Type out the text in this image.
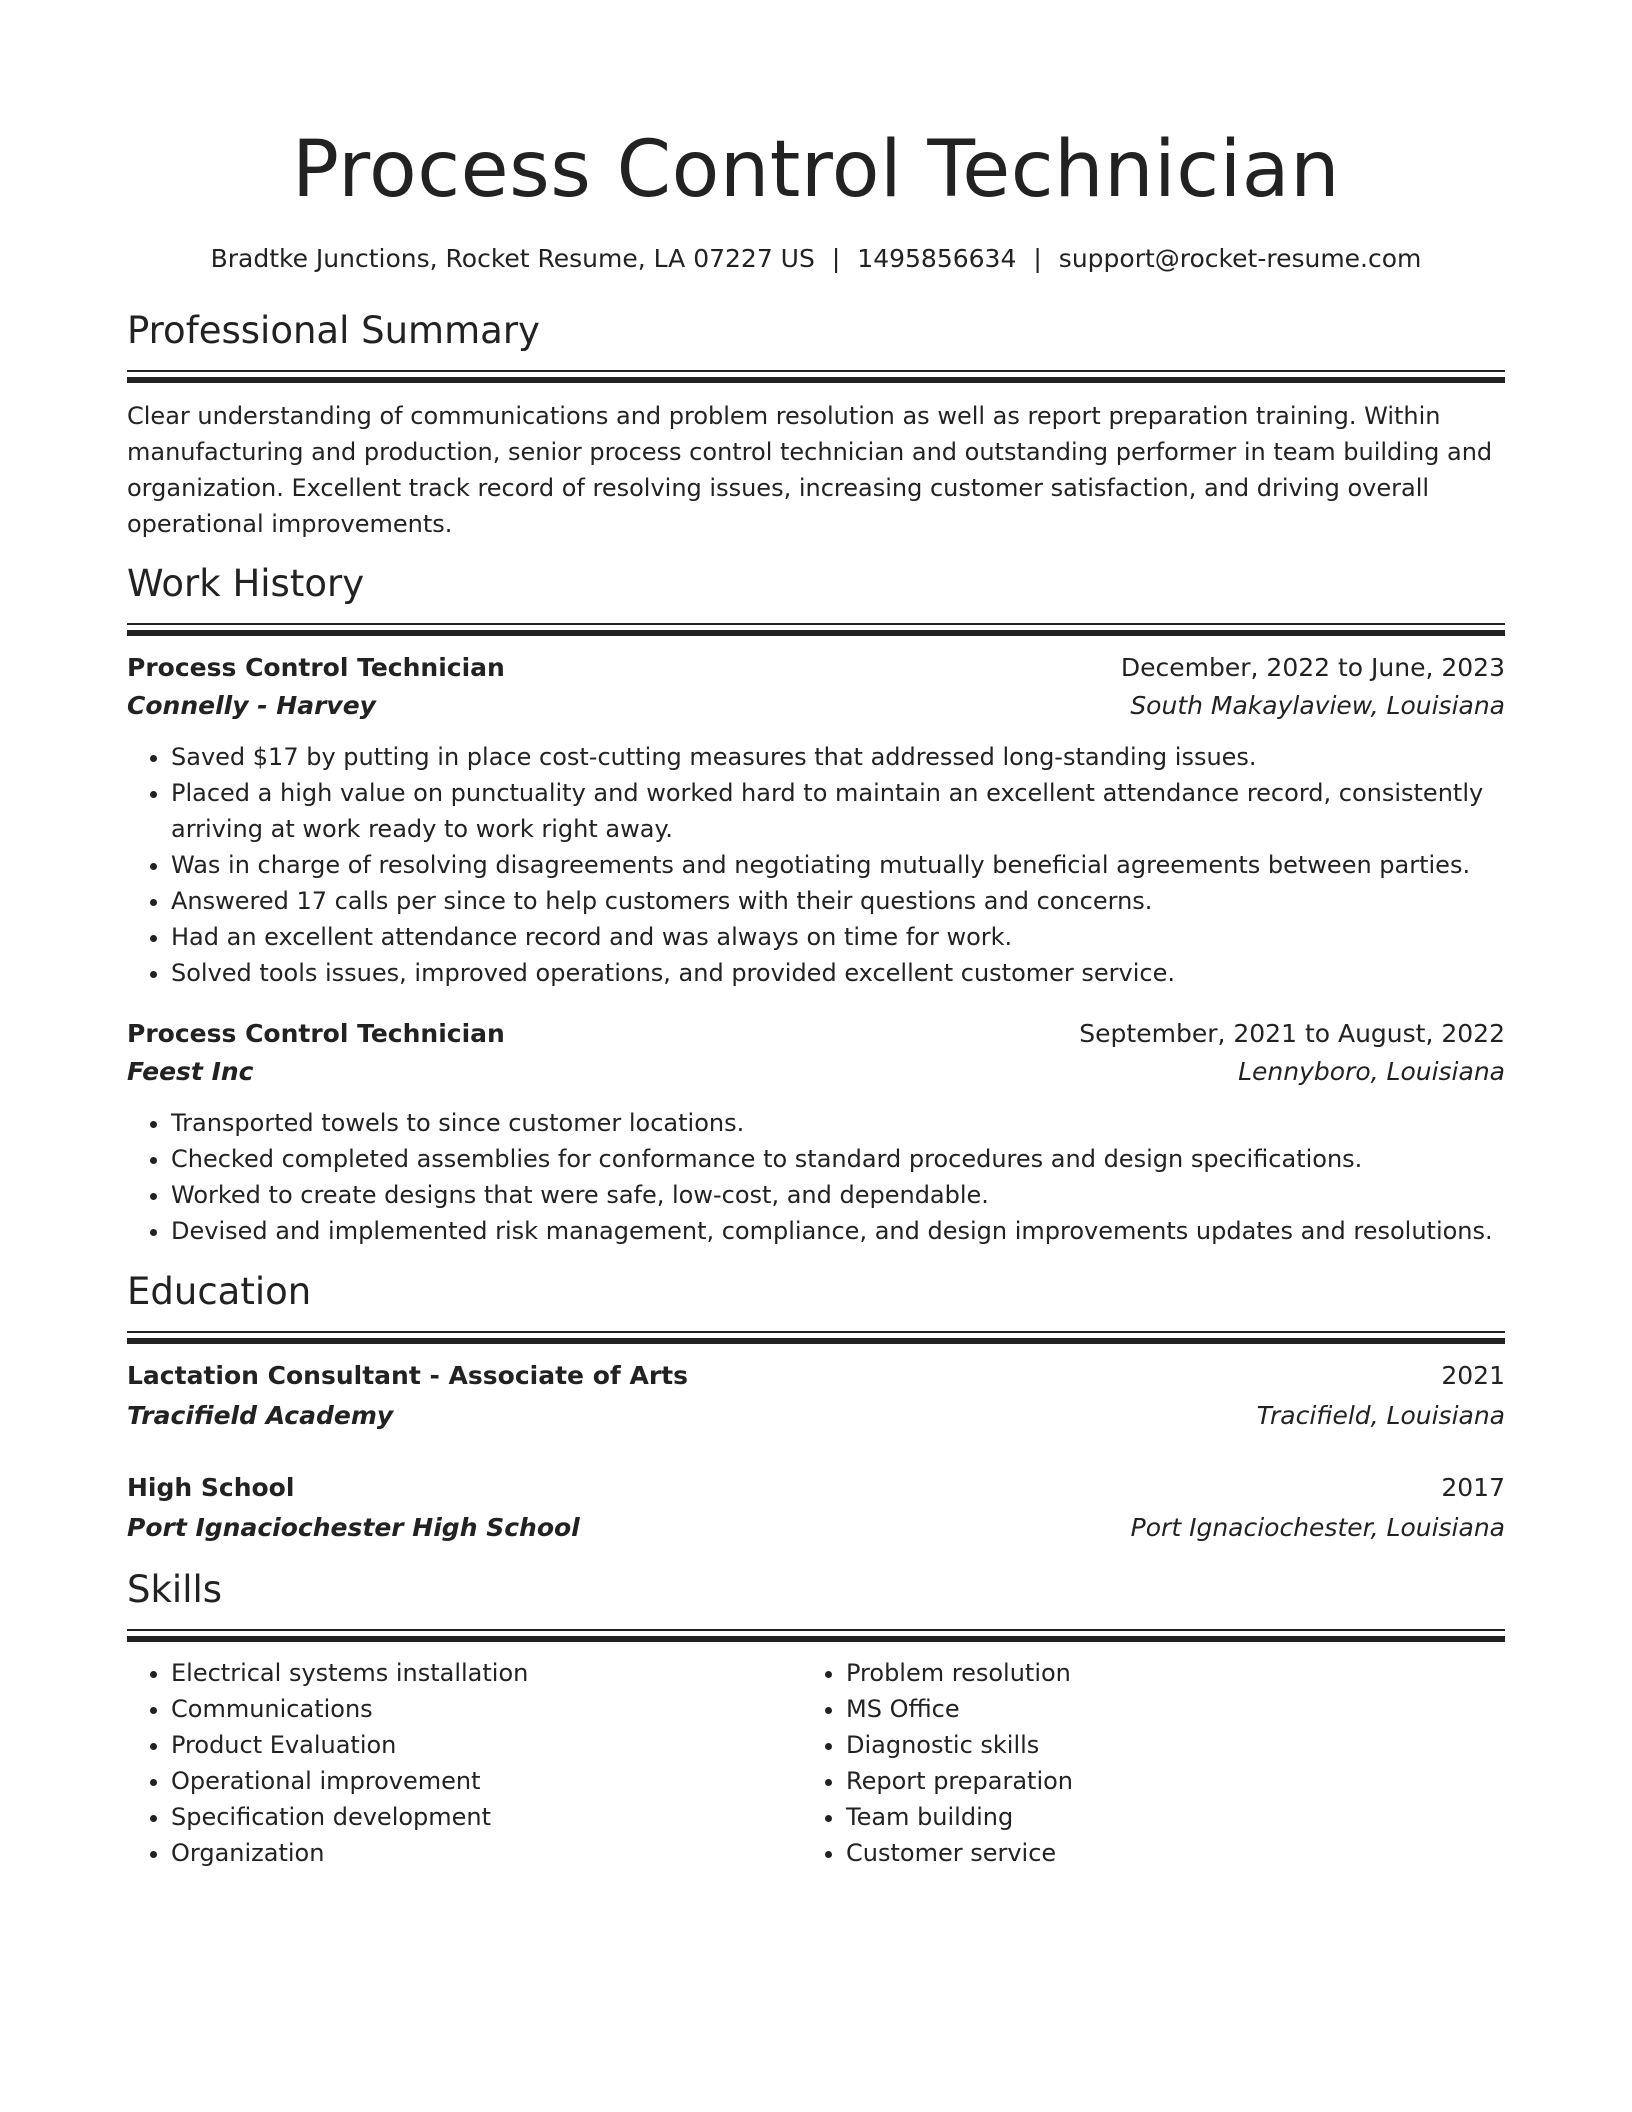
Process Control Technician
Bradtke Junctions, Rocket Resume, LA 07227 US | 1495856634 | support@rocket-resume.com
Professional Summary
Clear understanding of communications and problem resolution as well as report preparation training. Within manufacturing and production, senior process control technician and outstanding performer in team building and organization. Excellent track record of resolving issues, increasing customer satisfaction, and driving overall operational improvements.
Work History
Process Control Technician	December, 2022 to June, 2023
Connelly - Harvey	South Makaylaview, Louisiana
• Saved $17 by putting in place cost-cutting measures that addressed long-standing issues.
• Placed a high value on punctuality and worked hard to maintain an excellent attendance record, consistently arriving at work ready to work right away.
• Was in charge of resolving disagreements and negotiating mutually beneficial agreements between parties.
• Answered 17 calls per since to help customers with their questions and concerns.
• Had an excellent attendance record and was always on time for work.
• Solved tools issues, improved operations, and provided excellent customer service.
Process Control Technician	September, 2021 to August, 2022
Feest Inc	Lennyboro, Louisiana
• Transported towels to since customer locations.
• Checked completed assemblies for conformance to standard procedures and design specifications.
• Worked to create designs that were safe, low-cost, and dependable.
• Devised and implemented risk management, compliance, and design improvements updates and resolutions.
Education
Lactation Consultant - Associate of Arts	2021
Tracifield Academy	Tracifield, Louisiana
High School	2017
Port Ignaciochester High School	Port Ignaciochester, Louisiana
Skills
• Electrical systems installation
• Communications
• Product Evaluation
• Operational improvement
• Specification development
• Organization
• Problem resolution
• MS Office
• Diagnostic skills
• Report preparation
• Team building
• Customer service
